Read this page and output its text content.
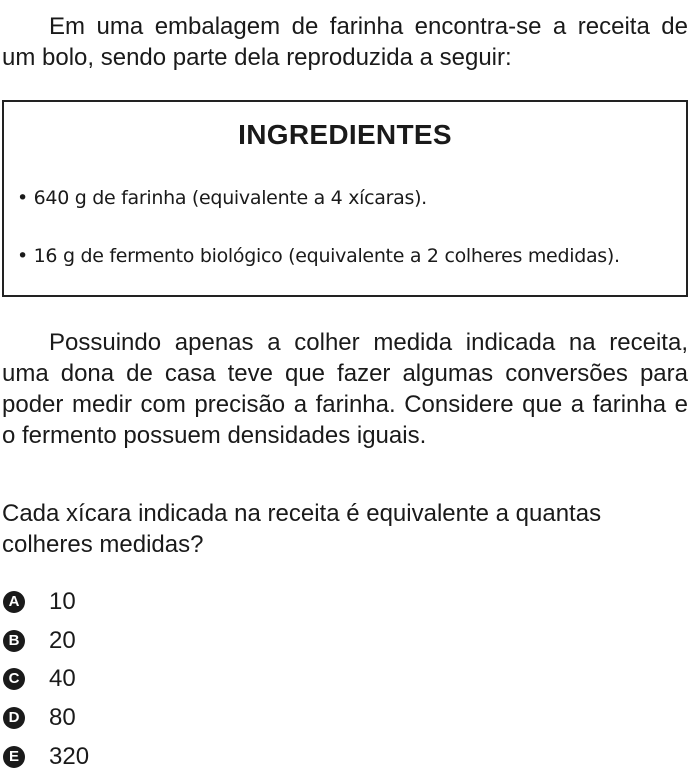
Em uma embalagem de farinha encontra-se a receita de um bolo, sendo parte dela reproduzida a seguir:

INGREDIENTES
• 640 g de farinha (equivalente a 4 xícaras).
• 16 g de fermento biológico (equivalente a 2 colheres medidas).

Possuindo apenas a colher medida indicada na receita, uma dona de casa teve que fazer algumas conversões para poder medir com precisão a farinha. Considere que a farinha e o fermento possuem densidades iguais.

Cada xícara indicada na receita é equivalente a quantas colheres medidas?

A 10
B 20
C 40
D 80
E 320
